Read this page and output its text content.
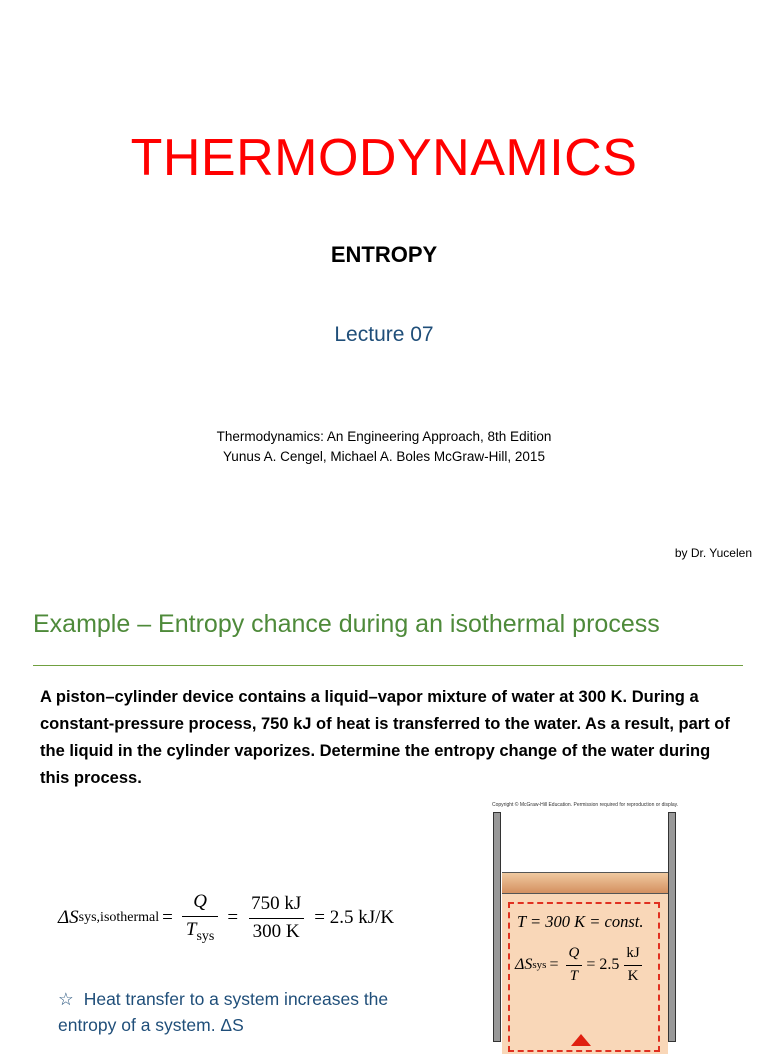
THERMODYNAMICS
ENTROPY
Lecture 07
Thermodynamics: An Engineering Approach, 8th Edition
Yunus A. Cengel, Michael A. Boles McGraw-Hill, 2015
by Dr. Yucelen
Example – Entropy chance during an isothermal process
A piston–cylinder device contains a liquid–vapor mixture of water at 300 K. During a constant-pressure process, 750 kJ of heat is transferred to the water. As a result, part of the liquid in the cylinder vaporizes. Determine the entropy change of the water during this process.
ΔS sys,isothermal = $\frac{Q}{T_{sys}} = \frac{750 kJ}{300 K} = 2.5$ kJ/K
☆ Heat transfer to a system increases the entropy of a system. ΔS
Copyright © McGraw-Hill Education. Permission required for reproduction or display.
T = 300 K = const.
ΔS sys = $\frac{Q}{T} = 2.5 \frac{kJ}{K}$
